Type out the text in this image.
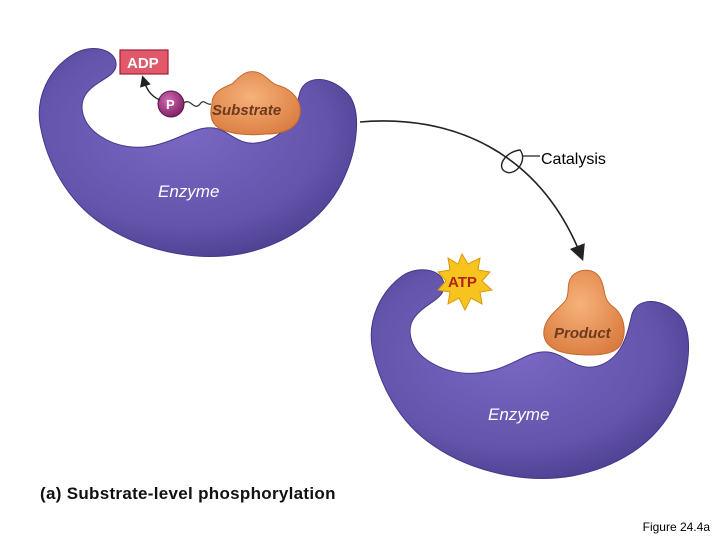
Substrate
P
ADP
Enzyme
Catalysis
Product
ATP
Enzyme
(a) Substrate-level phosphorylation
Figure 24.4a
